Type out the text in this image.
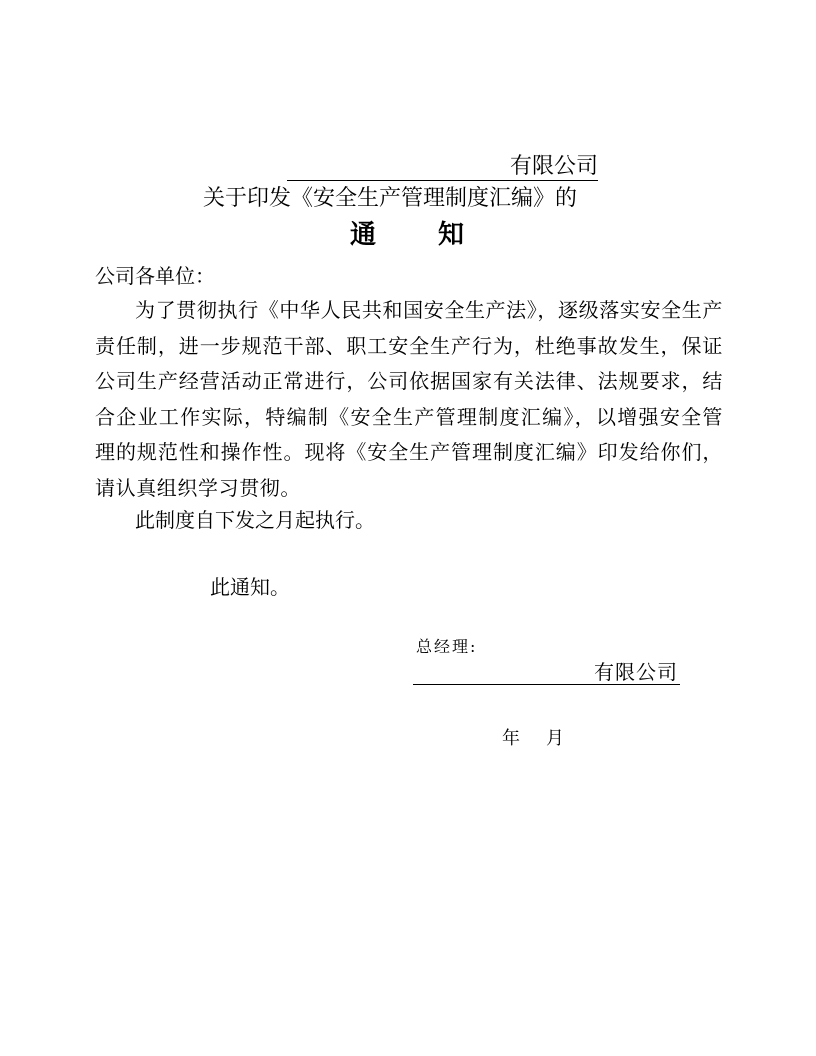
有限公司
关于印发《安全生产管理制度汇编》的
通 知
公司各单位：
为了贯彻执行《中华人民共和国安全生产法》，逐级落实安全生产责任制，进一步规范干部、职工安全生产行为，杜绝事故发生，保证公司生产经营活动正常进行，公司依据国家有关法律、法规要求，结合企业工作实际，特编制《安全生产管理制度汇编》，以增强安全管理的规范性和操作性。现将《安全生产管理制度汇编》印发给你们，请认真组织学习贯彻。
此制度自下发之月起执行。
此通知。
总经理:
有限公司
年 月
